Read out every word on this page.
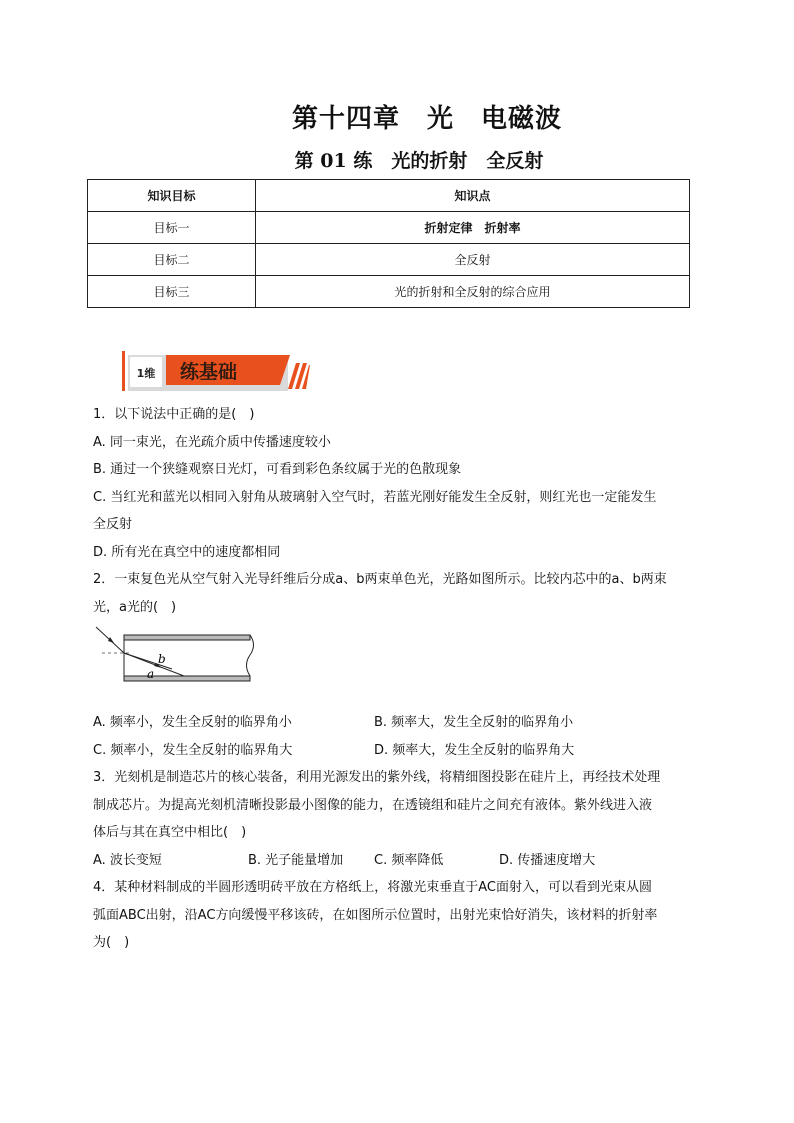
第十四章　光　电磁波
第 01 练　光的折射　全反射
知识目标	知识点
目标一	折射定律　折射率
目标二	全反射
目标三	光的折射和全反射的综合应用
1维 练基础

1．以下说法中正确的是(　)

A. 同一束光，在光疏介质中传播速度较小

B. 通过一个狭缝观察日光灯，可看到彩色条纹属于光的色散现象

C. 当红光和蓝光以相同入射角从玻璃射入空气时，若蓝光刚好能发生全反射，则红光也一定能发生

全反射

D. 所有光在真空中的速度都相同

2．一束复色光从空气射入光导纤维后分成a、b两束单色光，光路如图所示。比较内芯中的a、b两束

光，a光的(　)

A. 频率小，发生全反射的临界角小	B. 频率大，发生全反射的临界角小
C. 频率小，发生全反射的临界角大	D. 频率大，发生全反射的临界角大

3．光刻机是制造芯片的核心装备，利用光源发出的紫外线，将精细图投影在硅片上，再经技术处理

制成芯片。为提高光刻机清晰投影最小图像的能力，在透镜组和硅片之间充有液体。紫外线进入液

体后与其在真空中相比(　)

A. 波长变短	B. 光子能量增加	C. 频率降低	D. 传播速度增大

4．某种材料制成的半圆形透明砖平放在方格纸上，将激光束垂直于AC面射入，可以看到光束从圆

弧面ABC出射，沿AC方向缓慢平移该砖，在如图所示位置时，出射光束恰好消失，该材料的折射率

为(　)

b
a
